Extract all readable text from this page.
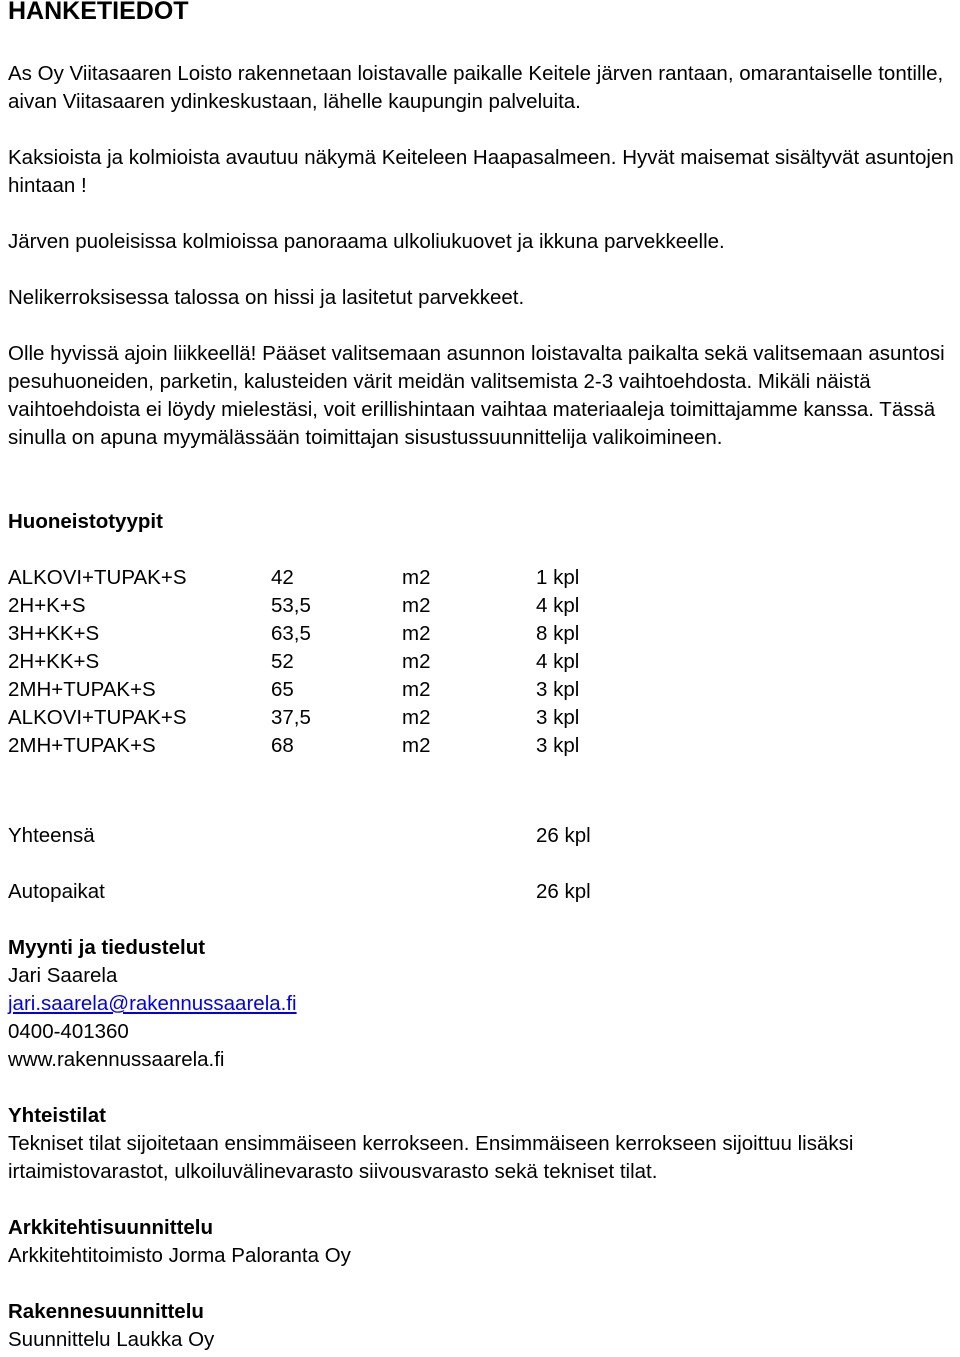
HANKETIEDOT

As Oy Viitasaaren Loisto rakennetaan loistavalle paikalle Keitele järven rantaan, omarantaiselle tontille, aivan Viitasaaren ydinkeskustaan, lähelle kaupungin palveluita.

Kaksioista ja kolmioista avautuu näkymä Keiteleen Haapasalmeen. Hyvät maisemat sisältyvät asuntojen hintaan !

Järven puoleisissa kolmioissa panoraama ulkoliukuovet ja ikkuna parvekkeelle.

Nelikerroksisessa talossa on hissi ja lasitetut parvekkeet.

Olle hyvissä ajoin liikkeellä! Pääset valitsemaan asunnon loistavalta paikalta sekä valitsemaan asuntosi pesuhuoneiden, parketin, kalusteiden värit meidän valitsemista 2-3 vaihtoehdosta. Mikäli näistä vaihtoehdoista ei löydy mielestäsi, voit erillishintaan vaihtaa materiaaleja toimittajamme kanssa. Tässä sinulla on apuna myymälässään toimittajan sisustussuunnittelija valikoimineen.

Huoneistotyypit
ALKOVI+TUPAK+S	42	m2	1 kpl
2H+K+S	53,5	m2	4 kpl
3H+KK+S	63,5	m2	8 kpl
2H+KK+S	52	m2	4 kpl
2MH+TUPAK+S	65	m2	3 kpl
ALKOVI+TUPAK+S	37,5	m2	3 kpl
2MH+TUPAK+S	68	m2	3 kpl
Yhteensä	26 kpl
Autopaikat	26 kpl
Myynti ja tiedustelut
Jari Saarela
jari.saarela@rakennussaarela.fi
0400-401360
www.rakennussaarela.fi
Yhteistilat

Tekniset tilat sijoitetaan ensimmäiseen kerrokseen. Ensimmäiseen kerrokseen sijoittuu lisäksi irtaimistovarastot, ulkoiluvälinevarasto siivousvarasto sekä tekniset tilat.

Arkkitehtisuunnittelu
Arkkitehtitoimisto Jorma Paloranta Oy
Rakennesuunnittelu
Suunnittelu Laukka Oy
